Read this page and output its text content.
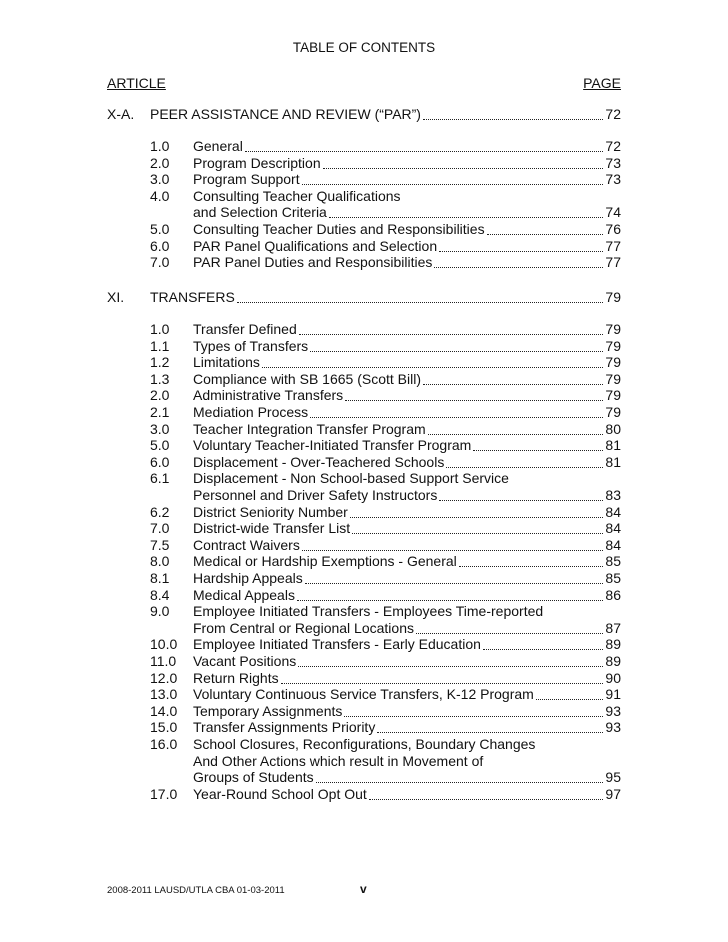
TABLE OF CONTENTS
ARTICLE	PAGE
X-A.	PEER ASSISTANCE AND REVIEW (“PAR”)	72
1.0	General	72
2.0	Program Description	73
3.0	Program Support	73
4.0	Consulting Teacher Qualifications
and Selection Criteria	74
5.0	Consulting Teacher Duties and Responsibilities	76
6.0	PAR Panel Qualifications and Selection	77
7.0	PAR Panel Duties and Responsibilities	77
XI.	TRANSFERS	79
1.0	Transfer Defined	79
1.1	Types of Transfers	79
1.2	Limitations	79
1.3	Compliance with SB 1665 (Scott Bill)	79
2.0	Administrative Transfers	79
2.1	Mediation Process	79
3.0	Teacher Integration Transfer Program	80
5.0	Voluntary Teacher-Initiated Transfer Program	81
6.0	Displacement - Over-Teachered Schools	81
6.1	Displacement - Non School-based Support Service
Personnel and Driver Safety Instructors	83
6.2	District Seniority Number	84
7.0	District-wide Transfer List	84
7.5	Contract Waivers	84
8.0	Medical or Hardship Exemptions - General	85
8.1	Hardship Appeals	85
8.4	Medical Appeals	86
9.0	Employee Initiated Transfers - Employees Time-reported
From Central or Regional Locations	87
10.0	Employee Initiated Transfers - Early Education	89
11.0	Vacant Positions	89
12.0	Return Rights	90
13.0	Voluntary Continuous Service Transfers, K-12 Program	91
14.0	Temporary Assignments	93
15.0	Transfer Assignments Priority	93
16.0	School Closures, Reconfigurations, Boundary Changes
And Other Actions which result in Movement of
Groups of Students	95
17.0	Year-Round School Opt Out	97
2008-2011 LAUSD/UTLA CBA 01-03-2011	v
